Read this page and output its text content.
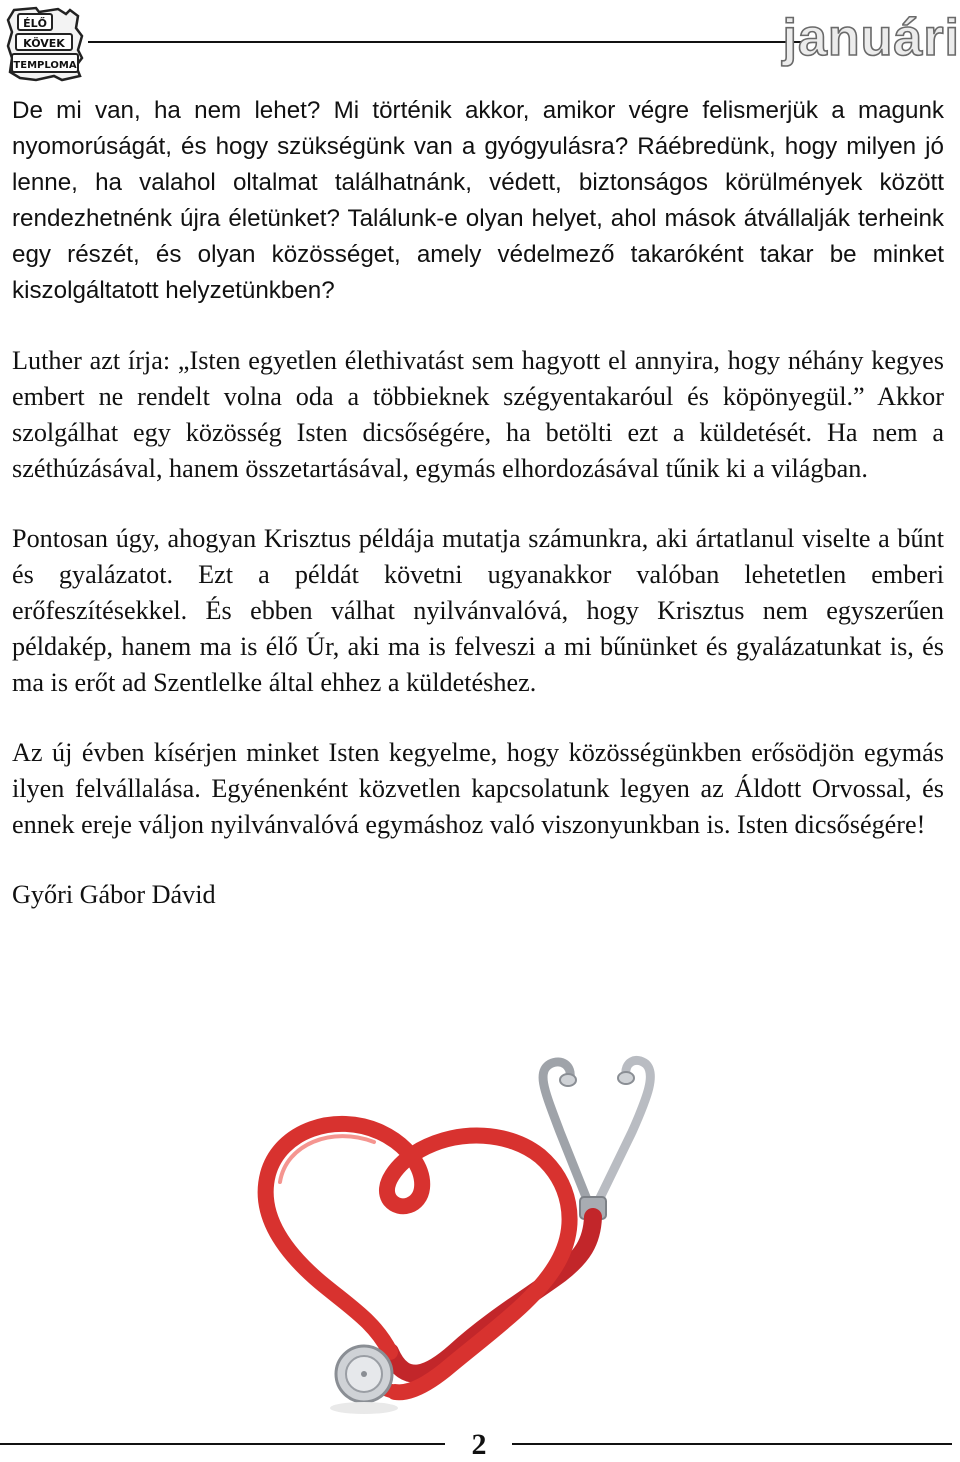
ÉLŐ
KÖVEK
TEMPLOMA	januári

De mi van, ha nem lehet? Mi történik akkor, amikor végre felismerjük a magunk nyomorúságát, és hogy szükségünk van a gyógyulásra? Ráébredünk, hogy milyen jó lenne, ha valahol oltalmat találhatnánk, védett, biztonságos körülmények között rendezhetnénk újra életünket? Találunk-e olyan helyet, ahol mások átvállalják terheink egy részét, és olyan közösséget, amely védelmező takaróként takar be minket kiszolgáltatott helyzetünkben?

Luther azt írja: „Isten egyetlen élethivatást sem hagyott el annyira, hogy néhány kegyes embert ne rendelt volna oda a többieknek szégyentakaróul és köpönyegül.” Akkor szolgálhat egy közösség Isten dicsőségére, ha betölti ezt a küldetését. Ha nem a széthúzásával, hanem összetartásával, egymás elhordozásával tűnik ki a világban.

Pontosan úgy, ahogyan Krisztus példája mutatja számunkra, aki ártatlanul viselte a bűnt és gyalázatot. Ezt a példát követni ugyanakkor valóban lehetetlen emberi erőfeszítésekkel. És ebben válhat nyilvánvalóvá, hogy Krisztus nem egyszerűen példakép, hanem ma is élő Úr, aki ma is felveszi a mi bűnünket és gyalázatunkat is, és ma is erőt ad Szentlelke által ehhez a küldetéshez.

Az új évben kísérjen minket Isten kegyelme, hogy közösségünkben erősödjön egymás ilyen felvállalása. Egyénenként közvetlen kapcsolatunk legyen az Áldott Orvossal, és ennek ereje váljon nyilvánvalóvá egymáshoz való viszonyunkban is. Isten dicsőségére!

Győri Gábor Dávid

2
